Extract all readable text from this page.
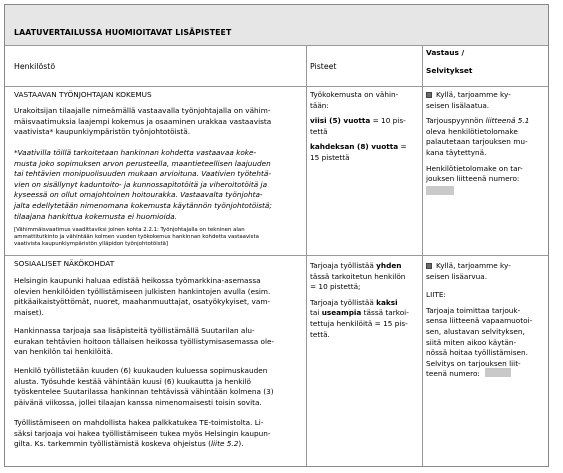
LAATUVERTAILUSSA HUOMIOITAVAT LISÄPISTEET
Henkilöstö	Pisteet
Vastaus /
Selvitykset
VASTAAVAN TYÖNJOHTAJAN KOKEMUS
Urakoitsijan tilaajalle nimeämällä vastaavalla työnjohtajalla on vähim-
mäisvaatimuksia laajempi kokemus ja osaaminen urakkaa vastaavista
vaativista* kaupunkiympäristön työnjohtotöistä.
*Vaativilla töillä tarkoitetaan hankinnan kohdetta vastaavaa koke-
musta joko sopimuksen arvon perusteella, maantieteellisen laajuuden
tai tehtävien monipuolisuuden mukaan arvioituna. Vaativien työtehtä-
vien on sisällynyt kaduntoito- ja kunnossapitotöitä ja viheroitotöitä ja
kyseessä on ollut omajohtoinen hoitourakka. Vastaavalta työnjohta-
jalta edellytetään nimenomana kokemusta käytännön työnjohtotöistä;
tilaajana hankittua kokemusta ei huomioida.
[Vähimmäisvaatimus vaadittaviksi jolnen kohta 2.2.1: Työnjohtajalla on tekninen alan
ammattitutkinto ja vähintään kolmen vuoden työkokemus hankinnan kohdetta vastaavista
vaativista kaupunkiympäristön ylläpidon työnjohtotöistä]
Työkokemusta on vähin-
tään:
viisi (5) vuotta = 10 pis-
tettä
kahdeksan (8) vuotta =
15 pistettä
Kyllä, tarjoamme ky-
seisen lisälaatua.
Tarjouspyynnön liitteenä 5.1
oleva henkilötietolomake
palautetaan tarjouksen mu-
kana täytettynä.
Henkilötietolomake on tar-
jouksen liitteenä numero:
SOSIAALISET NÄKÖKOHDAT
Helsingin kaupunki haluaa edistää heikossa työmarkkina-asemassa
olevien henkilöiden työllistämiseen julkisten hankintojen avulla (esim.
pitkäaikaistyöttömät, nuoret, maahanmuuttajat, osatyökykyiset, vam-
maiset).
Hankinnassa tarjoaja saa lisäpisteitä työllistämällä Suutarilan alu-
eurakan tehtävien hoitoon tällaisen heikossa työllistymisasemassa ole-
van henkilön tai henkilöitä.
Henkilö työllistetään kuuden (6) kuukauden kuluessa sopimuskauden
alusta. Työsuhde kestää vähintään kuusi (6) kuukautta ja henkilö
työskentelee Suutarilassa hankinnan tehtävissä vähintään kolmena (3)
päivänä viikossa, jollei tilaajan kanssa nimenomaisesti toisin sovita.
Työllistämiseen on mahdollista hakea palkkatukea TE-toimistolta. Li-
säksi tarjoaja voi hakea työllistämiseen tukea myös Helsingin kaupun-
gilta. Ks. tarkemmin työllistämistä koskeva ohjeistus (liite 5.2).
Tarjoaja työllistää yhden
tässä tarkoitetun henkilön
= 10 pistettä;
Tarjoaja työllistää kaksi
tai useampia tässä tarkoi-
tettuja henkilöitä = 15 pis-
tettä.
Kyllä, tarjoamme ky-
seisen lisäarvua.
LIITE:
Tarjoaja toimittaa tarjouk-
sensa liitteenä vapaamuotoi-
sen, alustavan selvityksen,
siitä miten aikoo käytän-
nössä hoitaa työllistämisen.
Selvitys on tarjouksen liit-
teenä numero:
